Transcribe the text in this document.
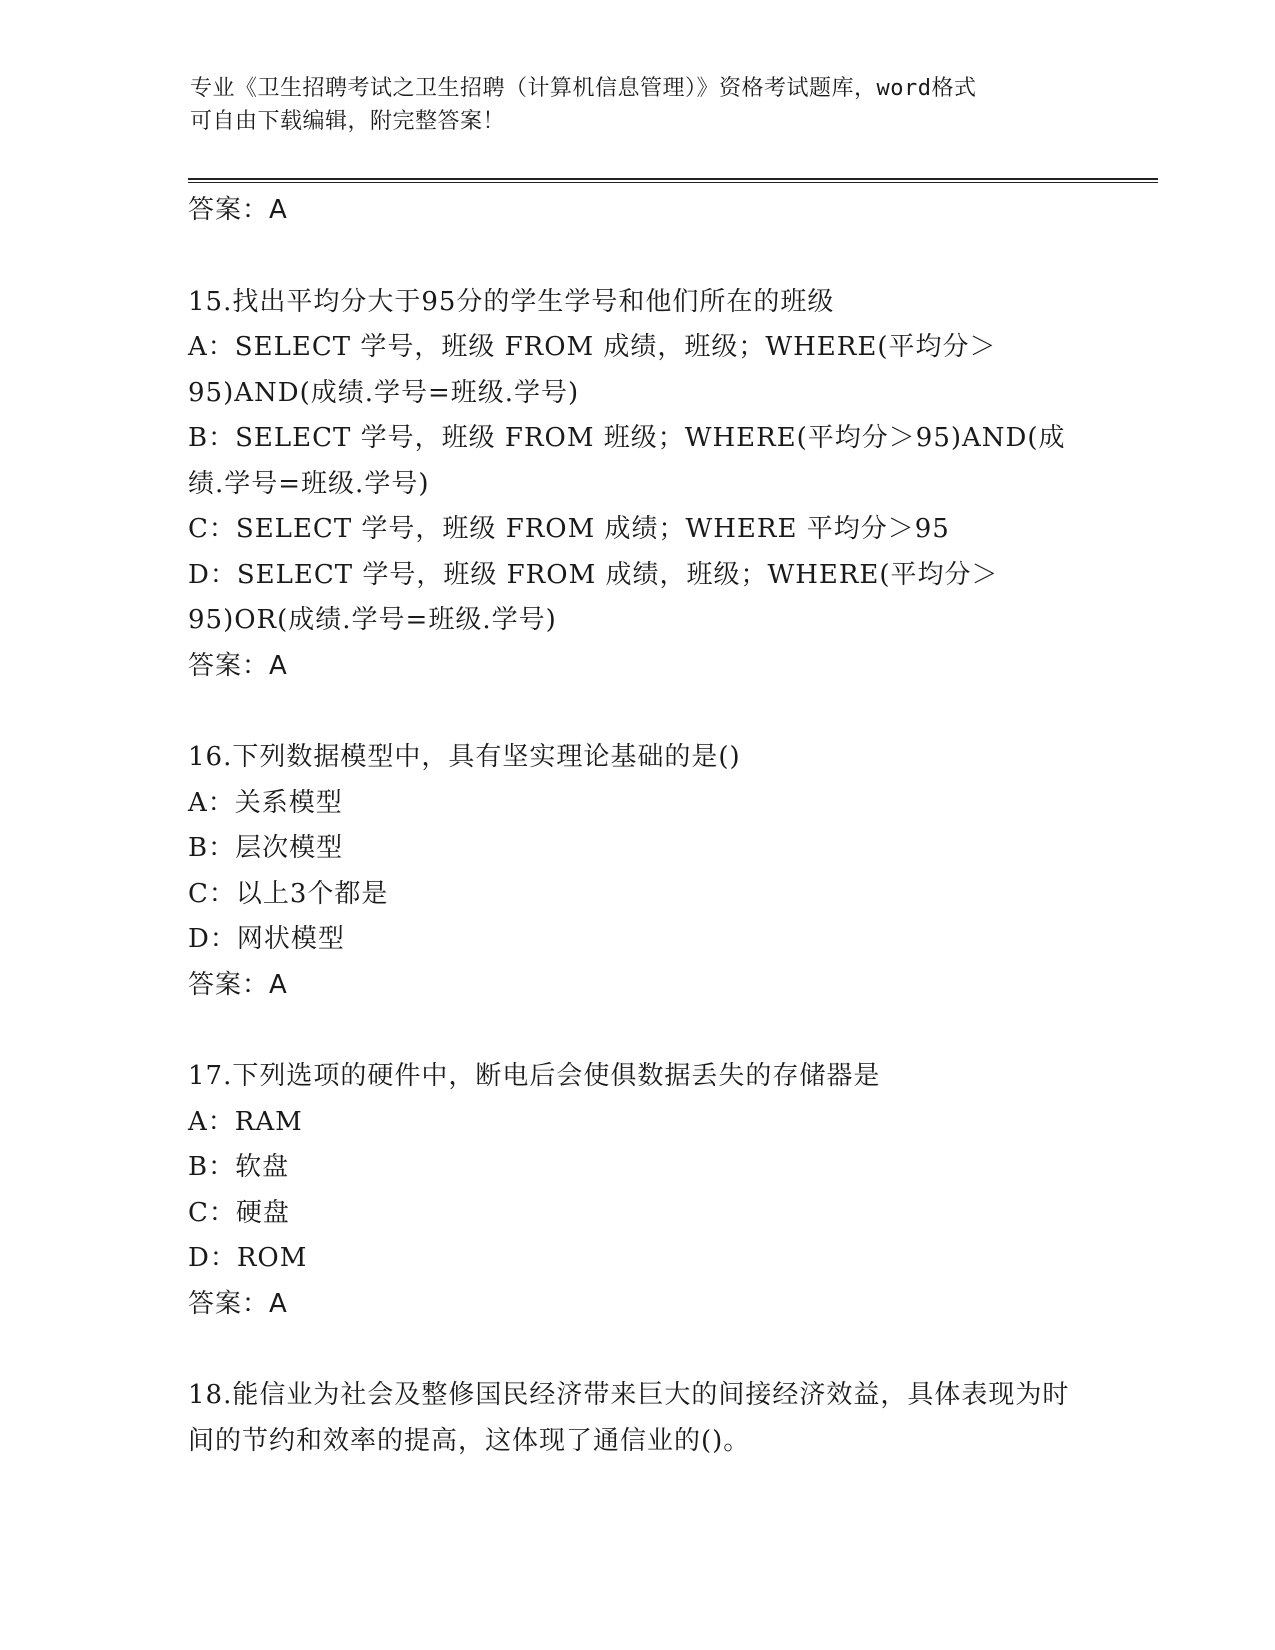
专业《卫生招聘考试之卫生招聘（计算机信息管理）》资格考试题库，word格式
可自由下载编辑，附完整答案！
答案：A
15.找出平均分大于95分的学生学号和他们所在的班级
A：SELECT 学号，班级 FROM 成绩，班级；WHERE(平均分＞95)AND(成绩.学号=班级.学号)
B：SELECT 学号，班级 FROM 班级；WHERE(平均分＞95)AND(成绩.学号=班级.学号)
C：SELECT 学号，班级 FROM 成绩；WHERE 平均分＞95
D：SELECT 学号，班级 FROM 成绩，班级；WHERE(平均分＞95)OR(成绩.学号=班级.学号)
答案：A
16.下列数据模型中，具有坚实理论基础的是()
A：关系模型
B：层次模型
C：以上3个都是
D：网状模型
答案：A
17.下列选项的硬件中，断电后会使俱数据丢失的存储器是
A：RAM
B：软盘
C：硬盘
D：ROM
答案：A
18.能信业为社会及整修国民经济带来巨大的间接经济效益，具体表现为时间的节约和效率的提高，这体现了通信业的()。
